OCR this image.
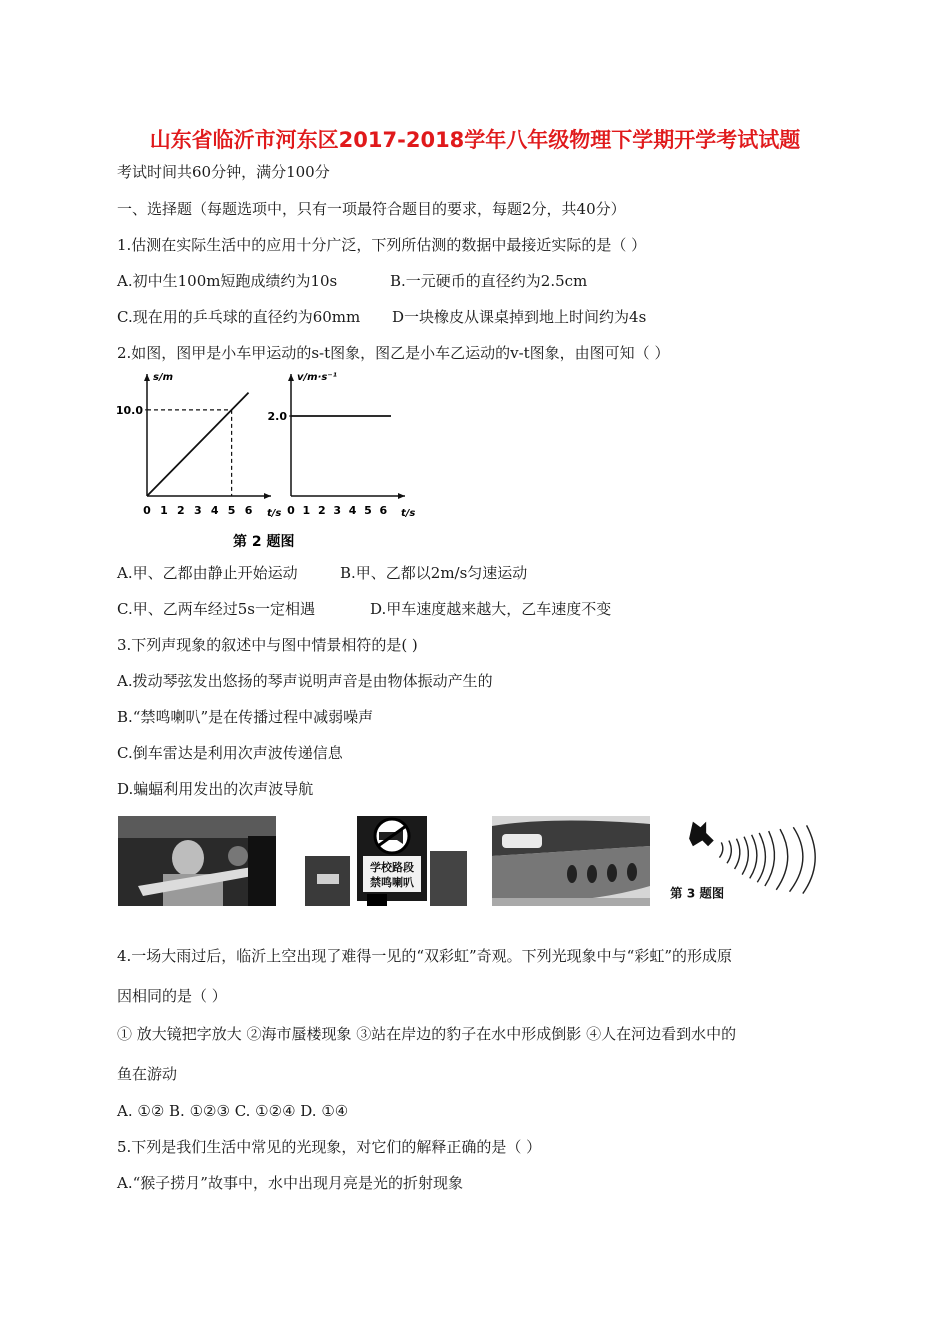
山东省临沂市河东区2017-2018学年八年级物理下学期开学考试试题
考试时间共60分钟，满分100分
一、选择题（每题选项中，只有一项最符合题目的要求，每题2分，共40分）
1.估测在实际生活中的应用十分广泛，下列所估测的数据中最接近实际的是（ ）
A.初中生100m短跑成绩约为10s	B.一元硬币的直径约为2.5cm
C.现在用的乒乓球的直径约为60mm D一块橡皮从课桌掉到地上时间约为4s
2.如图，图甲是小车甲运动的s-t图象，图乙是小车乙运动的v-t图象，由图可知（ ）
s/m
t/s
0 1 2 3 4 5 6
10.0
v/m·s⁻¹
t/s
0 1 2 3 4 5 6
2.0
第 2 题图
A.甲、乙都由静止开始运动	B.甲、乙都以2m/s匀速运动
C.甲、乙两车经过5s一定相遇	D.甲车速度越来越大，乙车速度不变
3.下列声现象的叙述中与图中情景相符的是( )
A.拨动琴弦发出悠扬的琴声说明声音是由物体振动产生的
B.“禁鸣喇叭”是在传播过程中减弱噪声
C.倒车雷达是利用次声波传递信息
D.蝙蝠利用发出的次声波导航
学校路段
禁鸣喇叭
第 3 题图
4.一场大雨过后，临沂上空出现了难得一见的“双彩虹”奇观。下列光现象中与“彩虹”的形成原
因相同的是（ ）
① 放大镜把字放大 ②海市蜃楼现象 ③站在岸边的豹子在水中形成倒影 ④人在河边看到水中的
鱼在游动
A. ①② B. ①②③ C. ①②④ D. ①④
5.下列是我们生活中常见的光现象，对它们的解释正确的是（ ）
A.“猴子捞月”故事中，水中出现月亮是光的折射现象
